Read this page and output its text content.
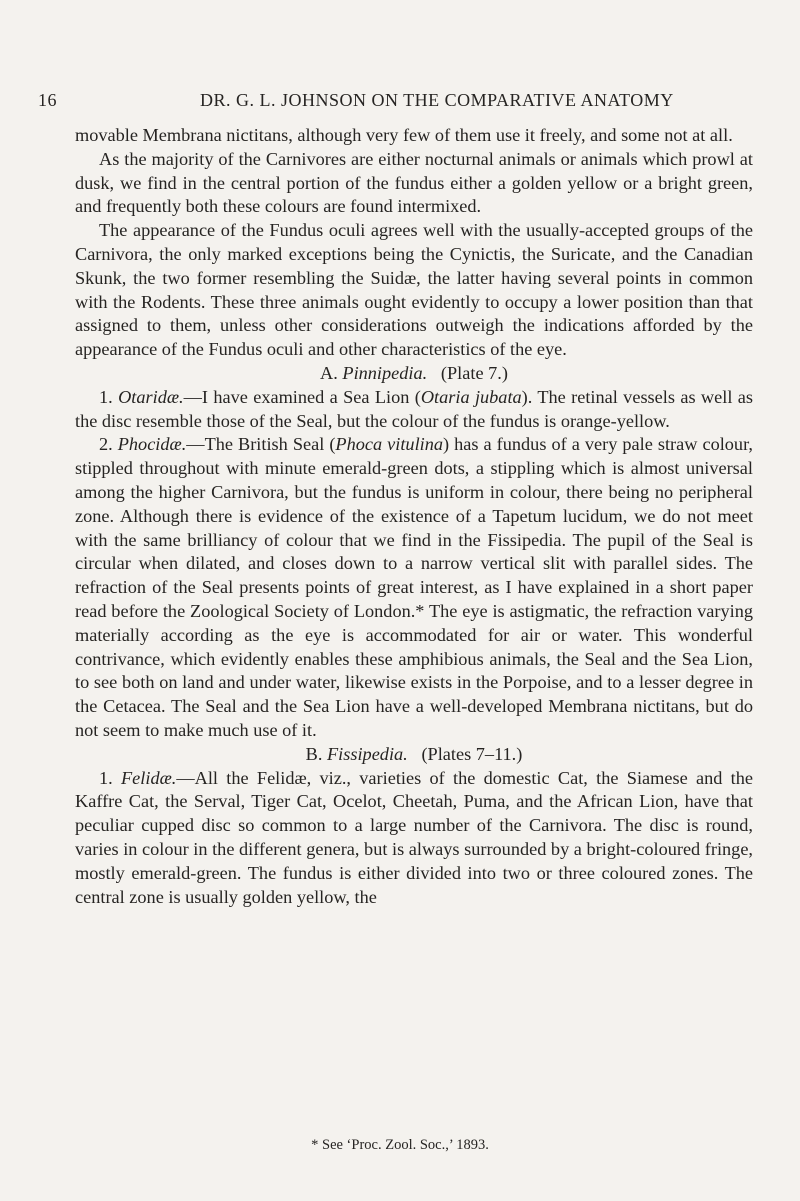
16	DR. G. L. JOHNSON ON THE COMPARATIVE ANATOMY

movable Membrana nictitans, although very few of them use it freely, and some not at all.

As the majority of the Carnivores are either nocturnal animals or animals which prowl at dusk, we find in the central portion of the fundus either a golden yellow or a bright green, and frequently both these colours are found intermixed.

The appearance of the Fundus oculi agrees well with the usually-accepted groups of the Carnivora, the only marked exceptions being the Cynictis, the Suricate, and the Canadian Skunk, the two former resembling the Suidæ, the latter having several points in common with the Rodents. These three animals ought evidently to occupy a lower position than that assigned to them, unless other considerations outweigh the indications afforded by the appearance of the Fundus oculi and other characteristics of the eye.

A. Pinnipedia. (Plate 7.)

1. Otaridæ.—I have examined a Sea Lion (Otaria jubata). The retinal vessels as well as the disc resemble those of the Seal, but the colour of the fundus is orange-yellow.

2. Phocidæ.—The British Seal (Phoca vitulina) has a fundus of a very pale straw colour, stippled throughout with minute emerald-green dots, a stippling which is almost universal among the higher Carnivora, but the fundus is uniform in colour, there being no peripheral zone. Although there is evidence of the existence of a Tapetum lucidum, we do not meet with the same brilliancy of colour that we find in the Fissipedia. The pupil of the Seal is circular when dilated, and closes down to a narrow vertical slit with parallel sides. The refraction of the Seal presents points of great interest, as I have explained in a short paper read before the Zoological Society of London.* The eye is astigmatic, the refraction varying materially according as the eye is accommodated for air or water. This wonderful contrivance, which evidently enables these amphibious animals, the Seal and the Sea Lion, to see both on land and under water, likewise exists in the Porpoise, and to a lesser degree in the Cetacea. The Seal and the Sea Lion have a well-developed Membrana nictitans, but do not seem to make much use of it.

B. Fissipedia. (Plates 7–11.)

1. Felidæ.—All the Felidæ, viz., varieties of the domestic Cat, the Siamese and the Kaffre Cat, the Serval, Tiger Cat, Ocelot, Cheetah, Puma, and the African Lion, have that peculiar cupped disc so common to a large number of the Carnivora. The disc is round, varies in colour in the different genera, but is always surrounded by a bright-coloured fringe, mostly emerald-green. The fundus is either divided into two or three coloured zones. The central zone is usually golden yellow, the

* See ‘Proc. Zool. Soc.,’ 1893.
